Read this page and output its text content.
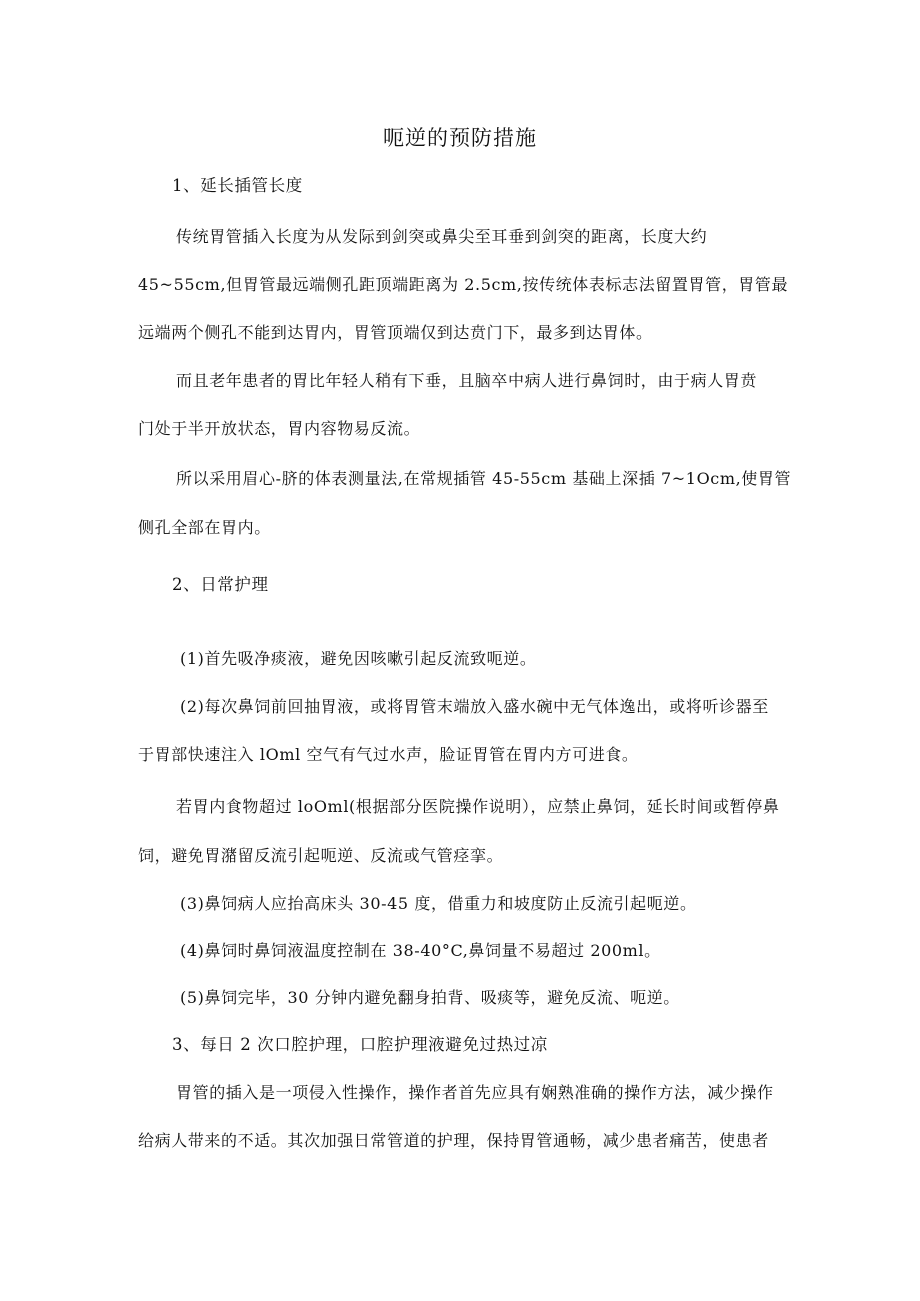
呃逆的预防措施
1、延长插管长度
传统胃管插入长度为从发际到剑突或鼻尖至耳垂到剑突的距离，长度大约
45~55cm,但胃管最远端侧孔距顶端距离为 2.5cm,按传统体表标志法留置胃管，胃管最
远端两个侧孔不能到达胃内，胃管顶端仅到达贲门下，最多到达胃体。
而且老年患者的胃比年轻人稍有下垂，且脑卒中病人进行鼻饲时，由于病人胃贲
门处于半开放状态，胃内容物易反流。
所以采用眉心-脐的体表测量法,在常规插管 45-55cm 基础上深插 7~1Ocm,使胃管
侧孔全部在胃内。
2、日常护理
(1)首先吸净痰液，避免因咳嗽引起反流致呃逆。
(2)每次鼻饲前回抽胃液，或将胃管末端放入盛水碗中无气体逸出，或将听诊器至
于胃部快速注入 lOml 空气有气过水声，脸证胃管在胃内方可进食。
若胃内食物超过 loOml(根据部分医院操作说明），应禁止鼻饲，延长时间或暂停鼻
饲，避免胃潴留反流引起呃逆、反流或气管痉挛。
(3)鼻饲病人应抬高床头 30-45 度，借重力和坡度防止反流引起呃逆。
(4)鼻饲时鼻饲液温度控制在 38-40°C,鼻饲量不易超过 200ml。
(5)鼻饲完毕，30 分钟内避免翻身拍背、吸痰等，避免反流、呃逆。
3、每日 2 次口腔护理，口腔护理液避免过热过凉
胃管的插入是一项侵入性操作，操作者首先应具有娴熟准确的操作方法，减少操作
给病人带来的不适。其次加强日常管道的护理，保持胃管通畅，减少患者痛苦，使患者
